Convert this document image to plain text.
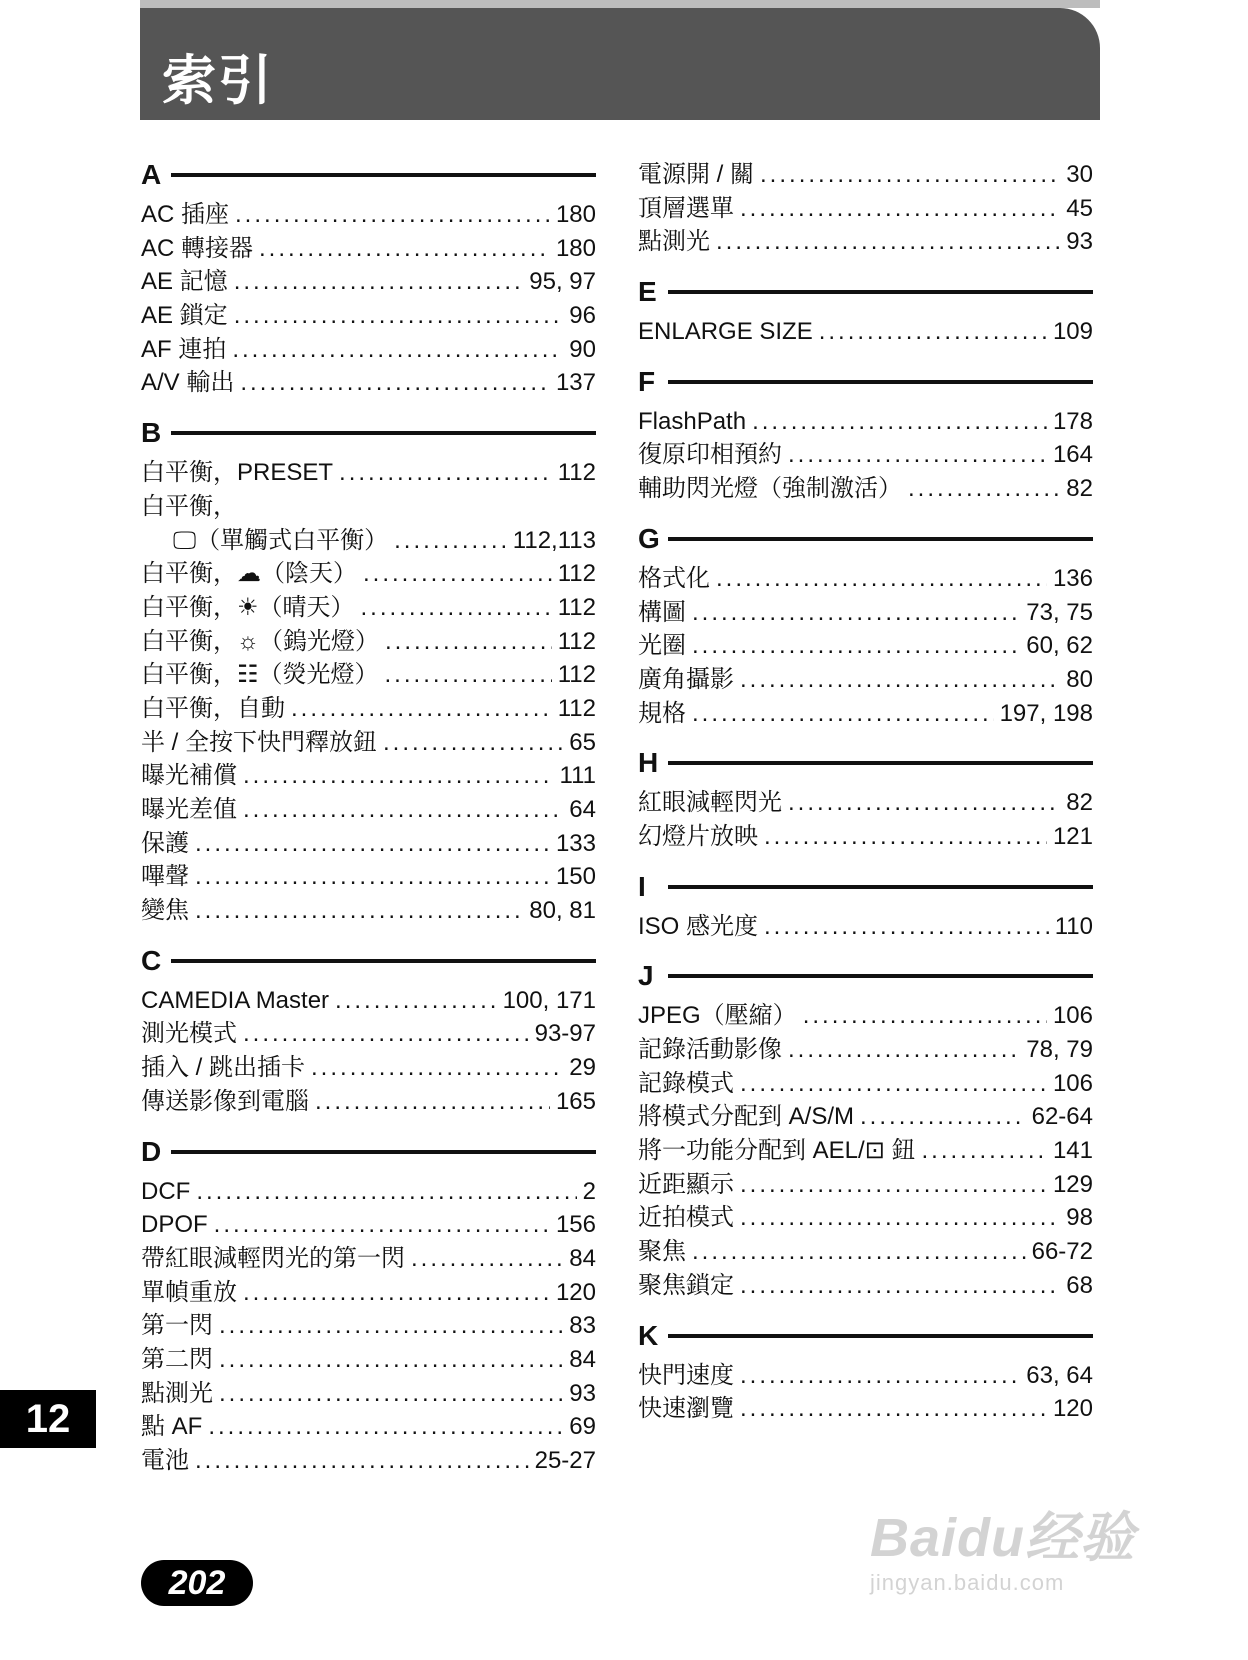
索引
A
AC 插座 .....	180
AC 轉接器 .....	180
AE 記憶 .....	95, 97
AE 鎖定 .....	96
AF 連拍 .....	90
A/V 輸出 .....	137
B
白平衡，PRESET .....	112
白平衡，
🖵（單觸式白平衡） .....	112,113
白平衡，☁（陰天） .....	112
白平衡，☀（晴天） .....	112
白平衡，☼（鎢光燈） .....	112
白平衡，☷（熒光燈） .....	112
白平衡，自動 .....	112
半 / 全按下快門釋放鈕 .....	65
曝光補償 .....	111
曝光差值 .....	64
保護 .....	133
嗶聲 .....	150
變焦 .....	80, 81
C
CAMEDIA Master .....	100, 171
測光模式 .....	93-97
插入 / 跳出插卡 .....	29
傳送影像到電腦 .....	165
D
DCF .....	2
DPOF .....	156
帶紅眼減輕閃光的第一閃 .....	84
單幀重放 .....	120
第一閃 .....	83
第二閃 .....	84
點測光 .....	93
點 AF .....	69
電池 .....	25-27
電源開 / 關 .....	30
頂層選單 .....	45
點測光 .....	93
E
ENLARGE SIZE .....	109
F
FlashPath .....	178
復原印相預約 .....	164
輔助閃光燈（強制激活） .....	82
G
格式化 .....	136
構圖 .....	73, 75
光圈 .....	60, 62
廣角攝影 .....	80
規格 .....	197, 198
H
紅眼減輕閃光 .....	82
幻燈片放映 .....	121
I
ISO 感光度 .....	110
J
JPEG（壓縮） .....	106
記錄活動影像 .....	78, 79
記錄模式 .....	106
將模式分配到 A/S/M .....	62-64
將一功能分配到 AEL/⊡ 鈕 .....	141
近距顯示 .....	129
近拍模式 .....	98
聚焦 .....	66-72
聚焦鎖定 .....	68
K
快門速度 .....	63, 64
快速瀏覽 .....	120
12
202
Baidu经验
jingyan.baidu.com
